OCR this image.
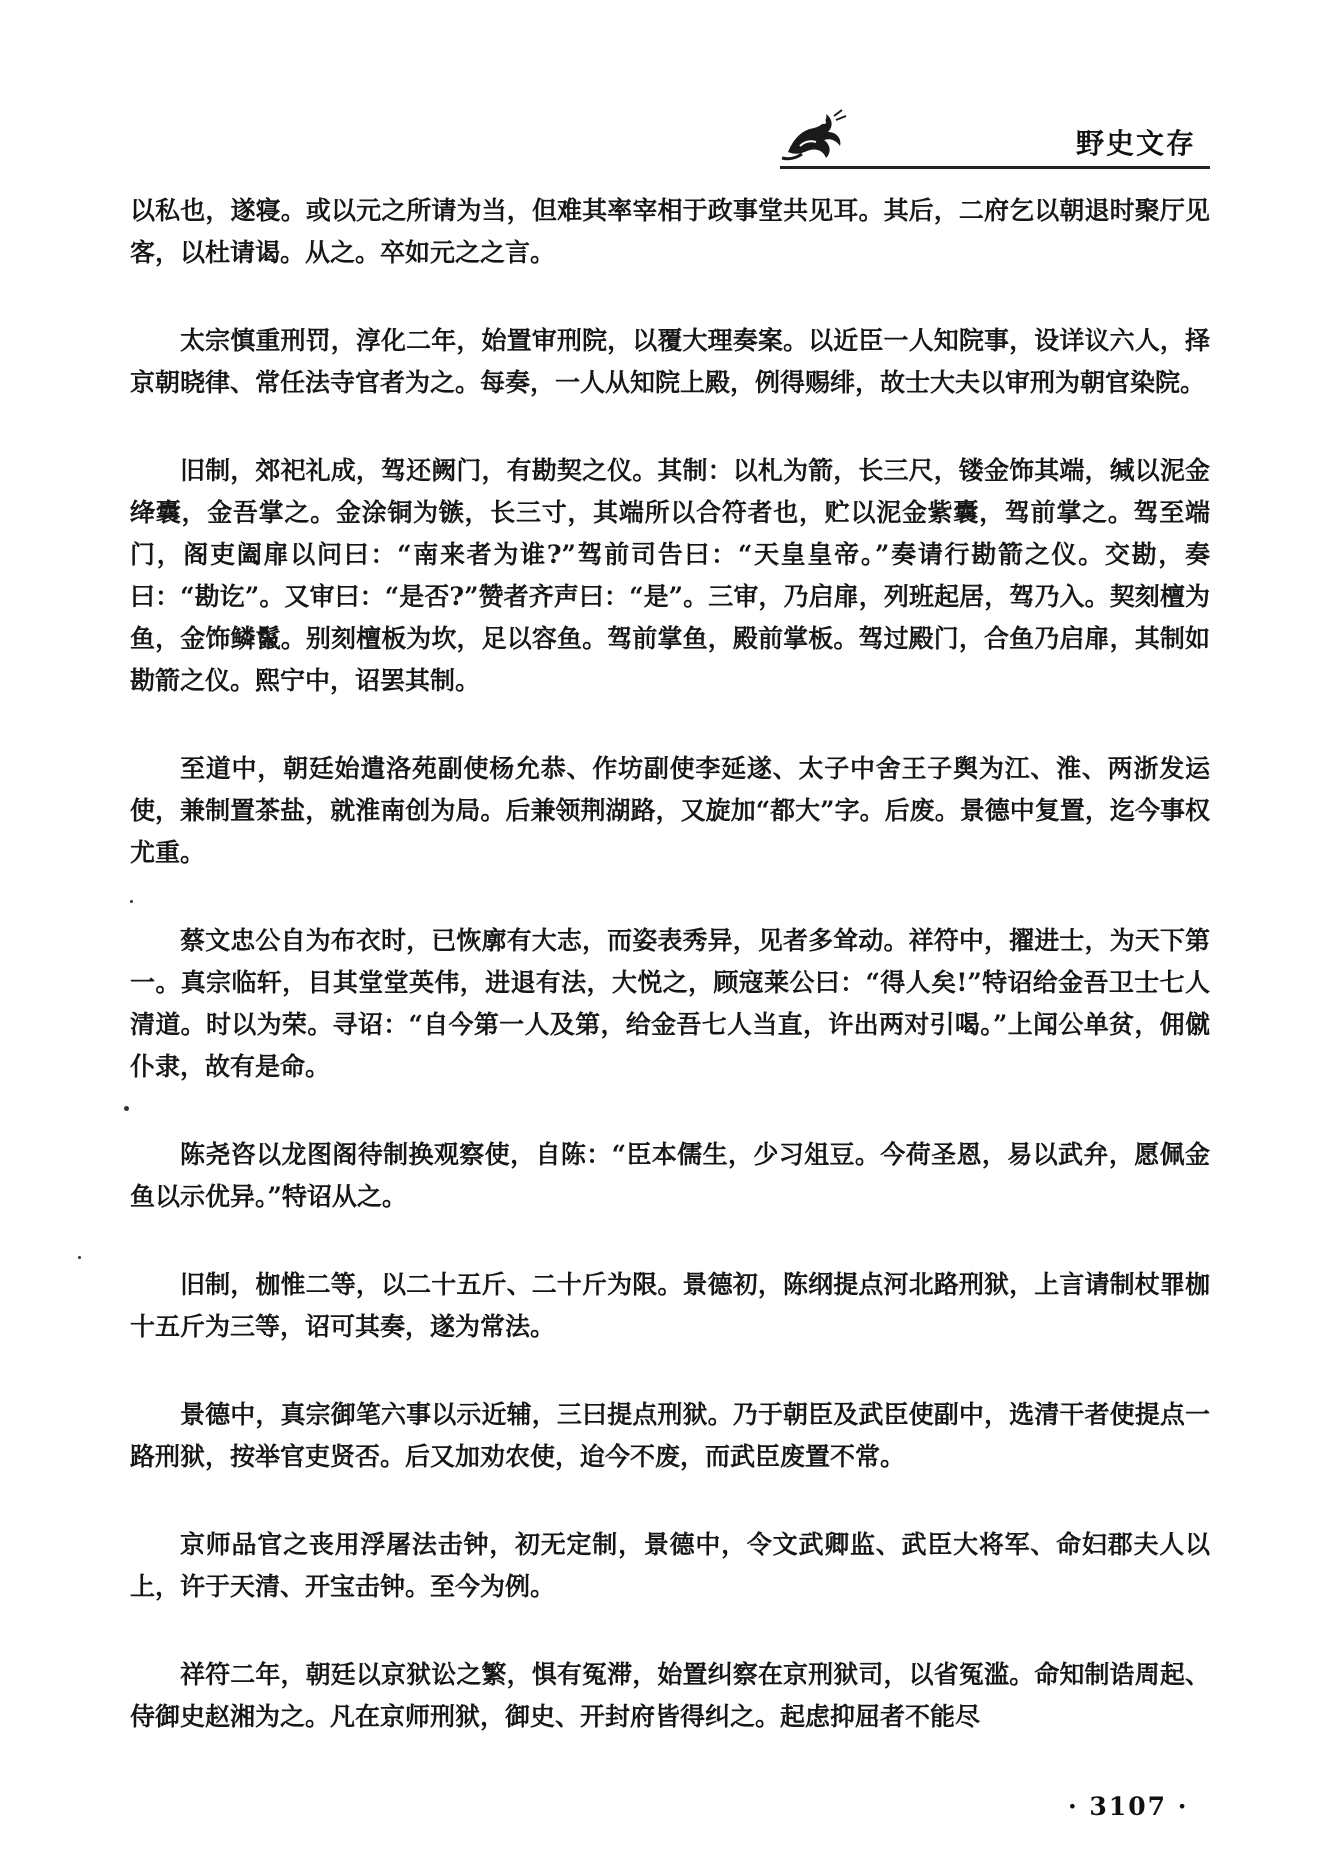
野史文存

以私也，遂寝。或以元之所请为当，但难其率宰相于政事堂共见耳。其后，二府乞以朝退时聚厅见客，以杜请谒。从之。卒如元之之言。

太宗慎重刑罚，淳化二年，始置审刑院，以覆大理奏案。以近臣一人知院事，设详议六人，择京朝晓律、常任法寺官者为之。每奏，一人从知院上殿，例得赐绯，故士大夫以审刑为朝官染院。

旧制，郊祀礼成，驾还阙门，有勘契之仪。其制：以札为箭，长三尺，镂金饰其端，缄以泥金绛囊，金吾掌之。金涂铜为镞，长三寸，其端所以合符者也，贮以泥金紫囊，驾前掌之。驾至端门，阁吏阖扉以问曰：“南来者为谁?”驾前司告曰：“天皇皇帝。”奏请行勘箭之仪。交勘，奏曰：“勘讫”。又审曰：“是否?”赞者齐声曰：“是”。三审，乃启扉，列班起居，驾乃入。契刻檀为鱼，金饰鳞鬣。别刻檀板为坎，足以容鱼。驾前掌鱼，殿前掌板。驾过殿门，合鱼乃启扉，其制如勘箭之仪。熙宁中，诏罢其制。

至道中，朝廷始遣洛苑副使杨允恭、作坊副使李延遂、太子中舍王子舆为江、淮、两浙发运使，兼制置茶盐，就淮南创为局。后兼领荆湖路，又旋加“都大”字。后废。景德中复置，迄今事权尤重。

蔡文忠公自为布衣时，已恢廓有大志，而姿表秀异，见者多耸动。祥符中，擢进士，为天下第一。真宗临轩，目其堂堂英伟，进退有法，大悦之，顾寇莱公曰：“得人矣!”特诏给金吾卫士七人清道。时以为荣。寻诏：“自今第一人及第，给金吾七人当直，许出两对引喝。”上闻公单贫，佣僦仆隶，故有是命。

陈尧咨以龙图阁待制换观察使，自陈：“臣本儒生，少习俎豆。今荷圣恩，易以武弁，愿佩金鱼以示优异。”特诏从之。

旧制，枷惟二等，以二十五斤、二十斤为限。景德初，陈纲提点河北路刑狱，上言请制杖罪枷十五斤为三等，诏可其奏，遂为常法。

景德中，真宗御笔六事以示近辅，三曰提点刑狱。乃于朝臣及武臣使副中，选清干者使提点一路刑狱，按举官吏贤否。后又加劝农使，迨今不废，而武臣废置不常。

京师品官之丧用浮屠法击钟，初无定制，景德中，令文武卿监、武臣大将军、命妇郡夫人以上，许于天清、开宝击钟。至今为例。

祥符二年，朝廷以京狱讼之繁，惧有冤滞，始置纠察在京刑狱司，以省冤滥。命知制诰周起、侍御史赵湘为之。凡在京师刑狱，御史、开封府皆得纠之。起虑抑屈者不能尽

· 3107 ·
